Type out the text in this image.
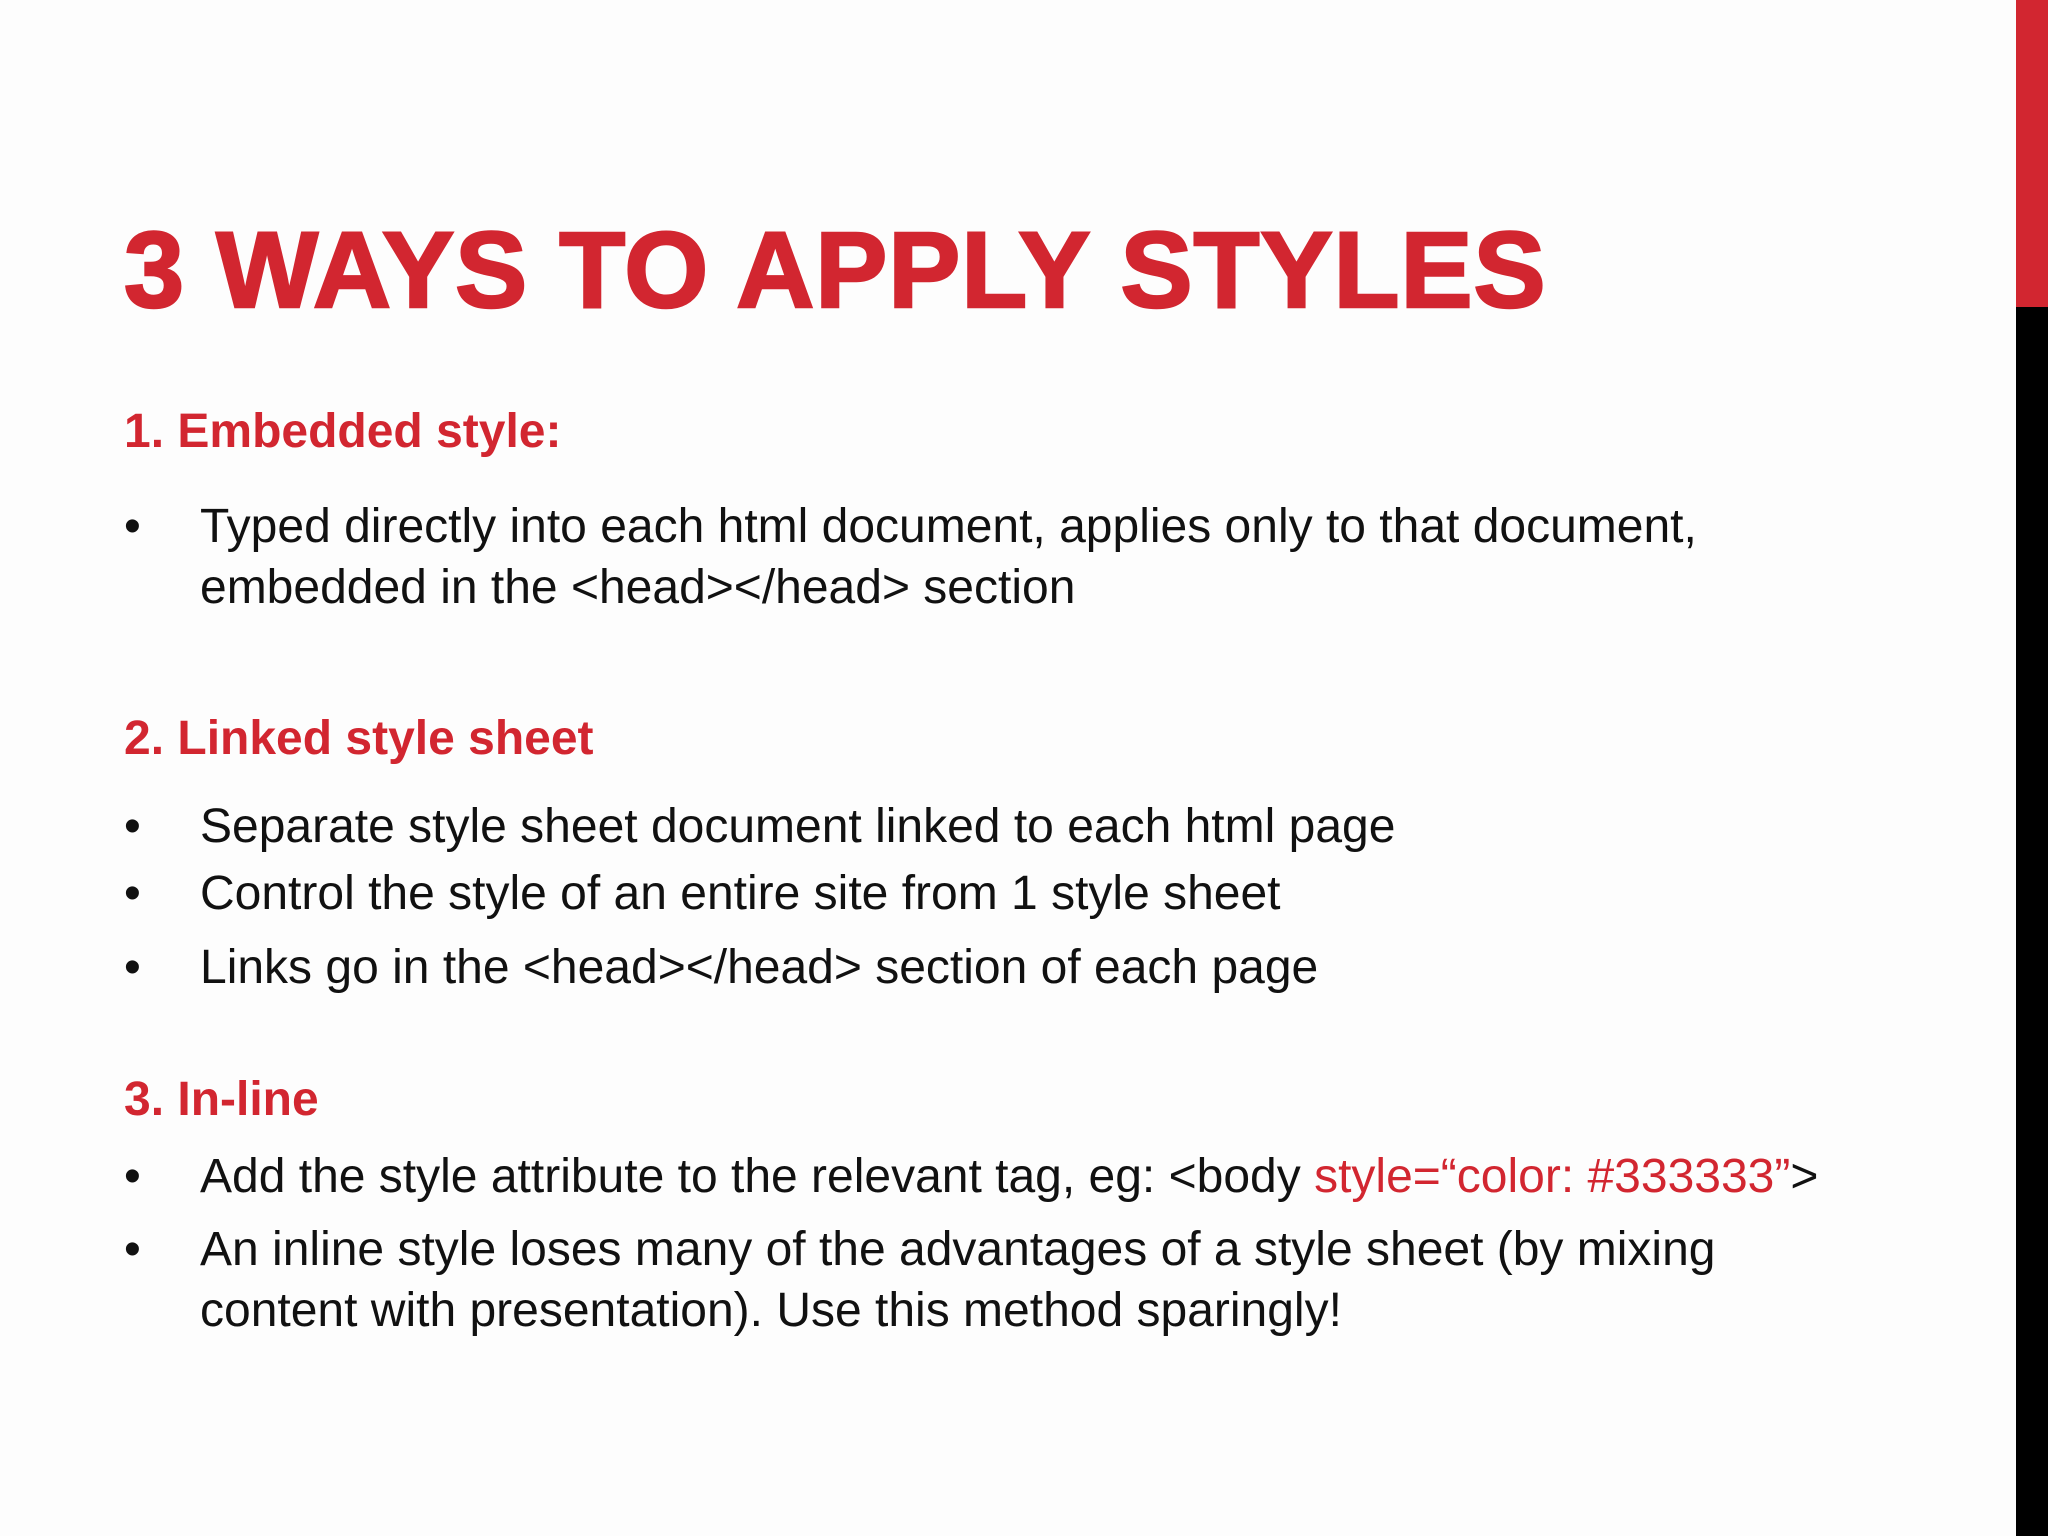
3 WAYS TO APPLY STYLES
1. Embedded style:
• Typed directly into each html document, applies only to that document, embedded in the <head></head> section
2. Linked style sheet
• Separate style sheet document linked to each html page
• Control the style of an entire site from 1 style sheet
• Links go in the <head></head> section of each page
3. In-line
• Add the style attribute to the relevant tag, eg: <body style=“color: #333333”>
• An inline style loses many of the advantages of a style sheet (by mixing content with presentation). Use this method sparingly!
